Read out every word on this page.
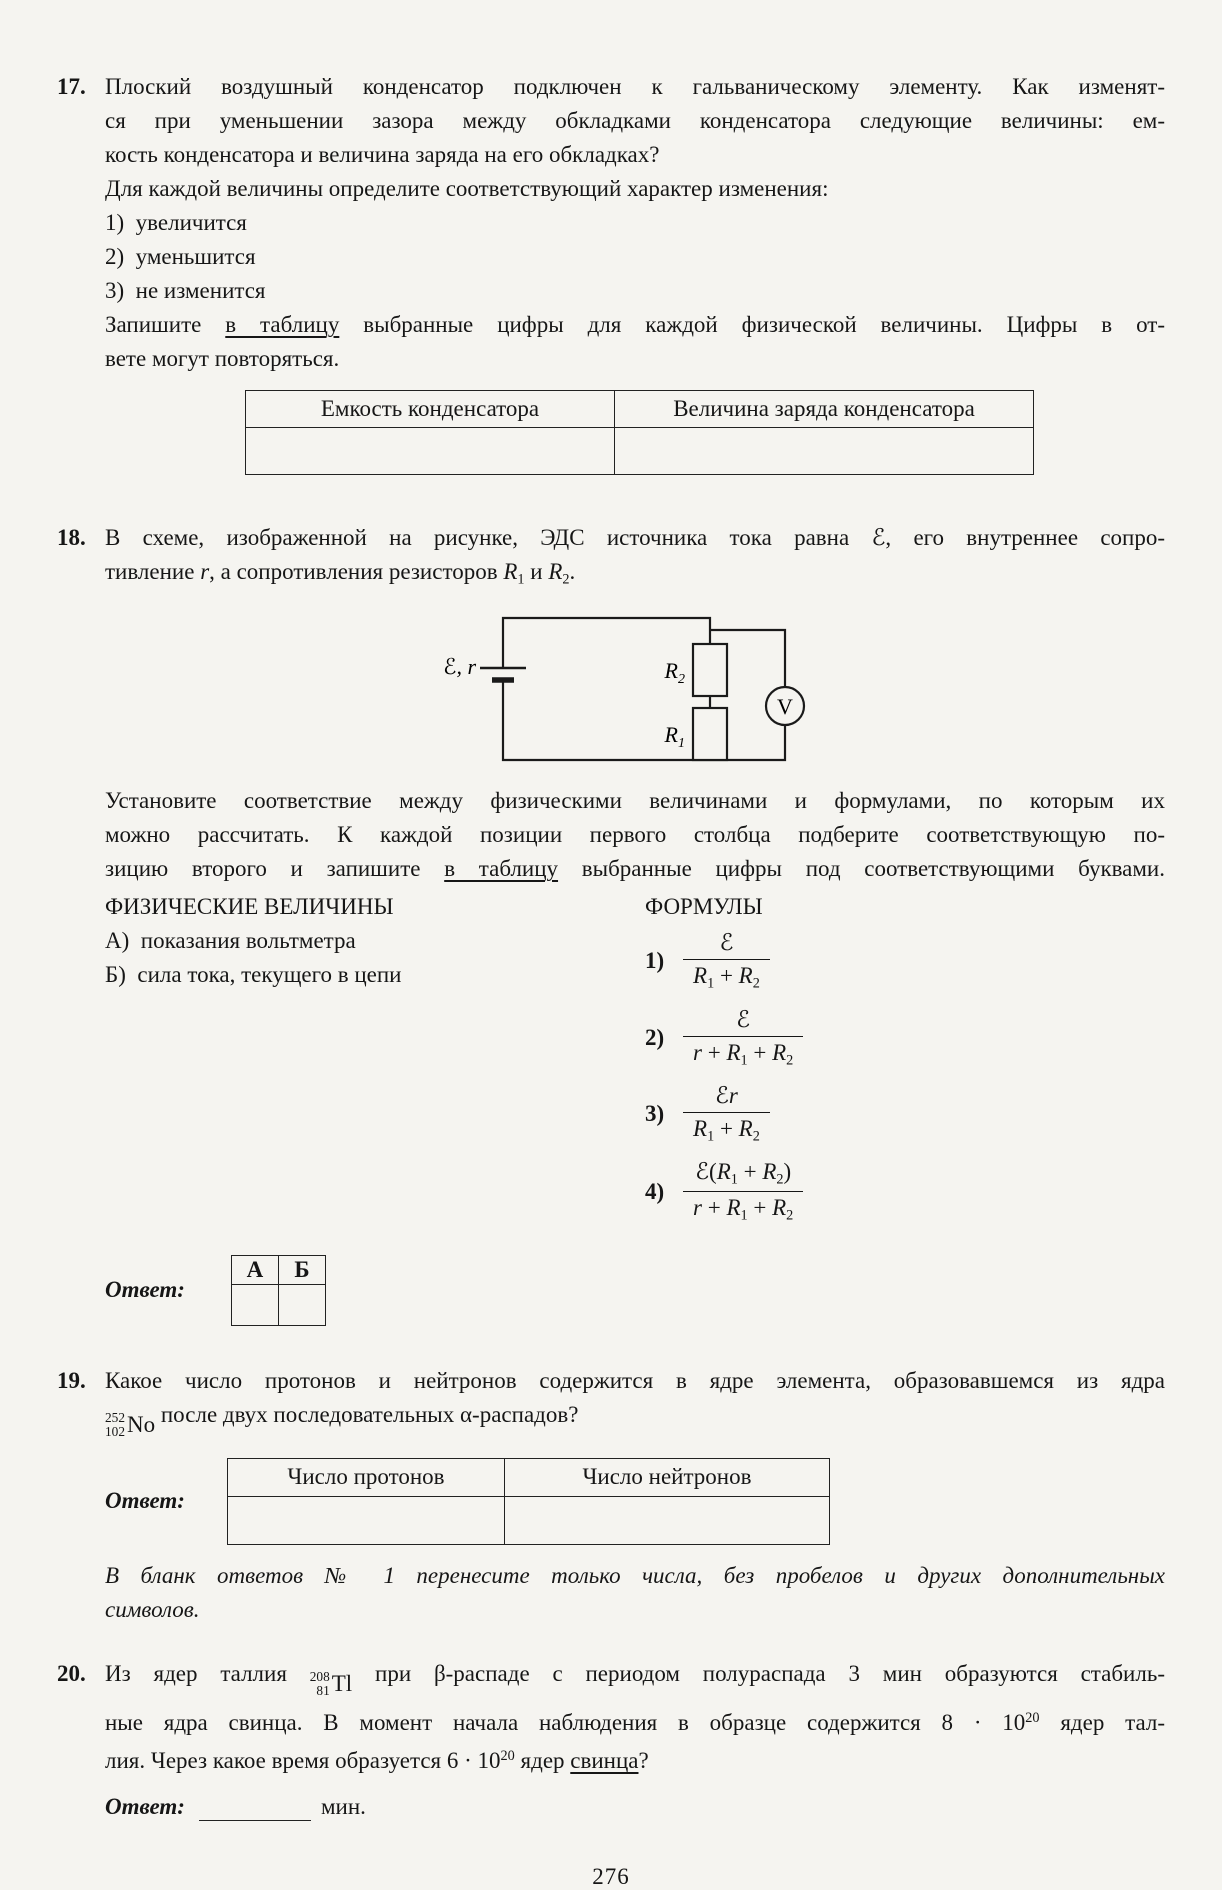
17. Плоский воздушный конденсатор подключен к гальваническому элементу. Как изменят-
ся при уменьшении зазора между обкладками конденсатора следующие величины: ем-
кость конденсатора и величина заряда на его обкладках?
Для каждой величины определите соответствующий характер изменения:
1) увеличится
2) уменьшится
3) не изменится
Запишите в таблицу выбранные цифры для каждой физической величины. Цифры в от-
вете могут повторяться.
Емкость конденсатора	Величина заряда конденсатора

18. В схеме, изображенной на рисунке, ЭДС источника тока равна ℰ, его внутреннее сопро-
тивление r, а сопротивления резисторов R1 и R2.
ℰ, r	$R_2$
$R_1$
V
Установите соответствие между физическими величинами и формулами, по которым их
можно рассчитать. К каждой позиции первого столбца подберите соответствующую по-
зицию второго и запишите в таблицу выбранные цифры под соответствующими буквами.
ФИЗИЧЕСКИЕ ВЕЛИЧИНЫ
А) показания вольтметра
Б) сила тока, текущего в цепи
ФОРМУЛЫ
$1) \frac{\text{ℰ}}{R1 + R2}$
$2) \frac{\text{ℰ}}{r + R1 + R2}$
$3) \frac{\text{ℰr}}{R1 + R2}$
$4) \frac{\text{ℰ(R1 + R2)}}{r + R1 + R2}$
Ответ:
А	Б

19. Какое число протонов и нейтронов содержится в ядре элемента, образовавшемся из ядра
252
102 No после двух последовательных α-распадов?
Ответ:
Число протонов	Число нейтронов

В бланк ответов № 1 перенесите только числа, без пробелов и других дополнительных
символов.
20. Из ядер таллия 208
81 Tl при β-распаде с периодом полураспада 3 мин образуются стабиль-
ные ядра свинца. В момент начала наблюдения в образце содержится $8 \cdot 10^{20}$ ядер тал-
лия. Через какое время образуется $6 \cdot 10^{20}$ ядер свинца?
Ответ:	мин.
276
